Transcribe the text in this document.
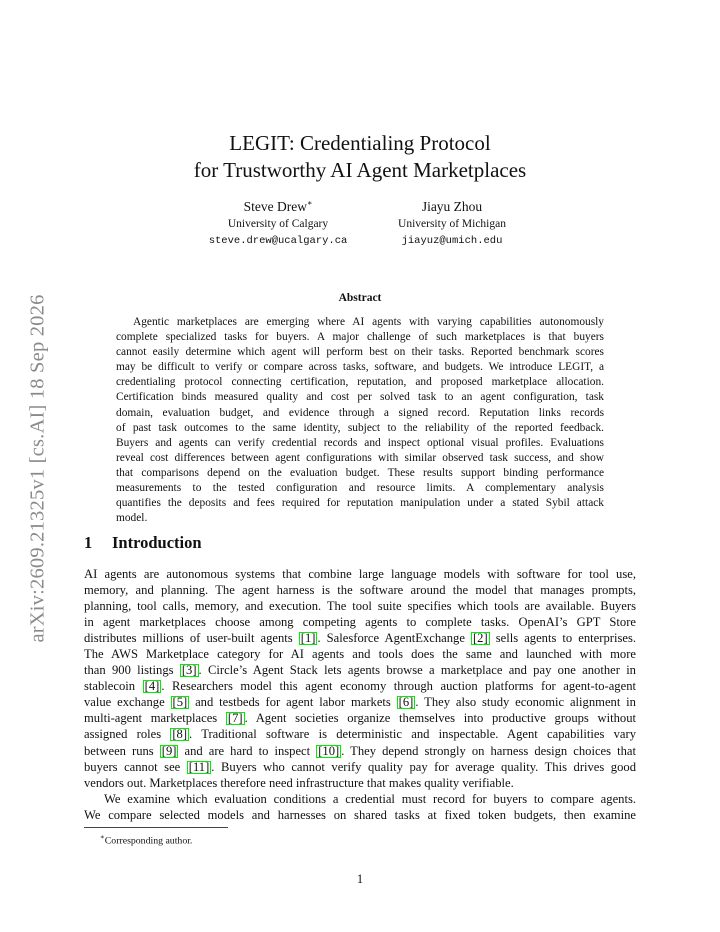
arXiv:2609.21325v1 [cs.AI] 18 Sep 2026
LEGIT: Credentialing Protocol
for Trustworthy AI Agent Marketplaces
Steve Drew∗
University of Calgary
steve.drew@ucalgary.ca
Jiayu Zhou
University of Michigan
jiayuz@umich.edu
Abstract
Agentic marketplaces are emerging where AI agents with varying capabilities autonomously
complete specialized tasks for buyers. A major challenge of such marketplaces is that buyers
cannot easily determine which agent will perform best on their tasks. Reported benchmark scores
may be difficult to verify or compare across tasks, software, and budgets. We introduce LEGIT, a
credentialing protocol connecting certification, reputation, and proposed marketplace allocation.
Certification binds measured quality and cost per solved task to an agent configuration, task
domain, evaluation budget, and evidence through a signed record. Reputation links records
of past task outcomes to the same identity, subject to the reliability of the reported feedback.
Buyers and agents can verify credential records and inspect optional visual profiles. Evaluations
reveal cost differences between agent configurations with similar observed task success, and show
that comparisons depend on the evaluation budget. These results support binding performance
measurements to the tested configuration and resource limits. A complementary analysis
quantifies the deposits and fees required for reputation manipulation under a stated Sybil attack
model.
1 Introduction
AI agents are autonomous systems that combine large language models with software for tool use,
memory, and planning. The agent harness is the software around the model that manages prompts,
planning, tool calls, memory, and execution. The tool suite specifies which tools are available. Buyers
in agent marketplaces choose among competing agents to complete tasks. OpenAI’s GPT Store
distributes millions of user-built agents [1] . Salesforce AgentExchange [2] sells agents to enterprises.
The AWS Marketplace category for AI agents and tools does the same and launched with more
than 900 listings [3] . Circle’s Agent Stack lets agents browse a marketplace and pay one another in
stablecoin [4] . Researchers model this agent economy through auction platforms for agent-to-agent
value exchange [5] and testbeds for agent labor markets [6] . They also study economic alignment in
multi-agent marketplaces [7] . Agent societies organize themselves into productive groups without
assigned roles [8] . Traditional software is deterministic and inspectable. Agent capabilities vary
between runs [9] and are hard to inspect [10] . They depend strongly on harness design choices that
buyers cannot see [11] . Buyers who cannot verify quality pay for average quality. This drives good
vendors out. Marketplaces therefore need infrastructure that makes quality verifiable.
We examine which evaluation conditions a credential must record for buyers to compare agents.
We compare selected models and harnesses on shared tasks at fixed token budgets, then examine
∗Corresponding author.
1
